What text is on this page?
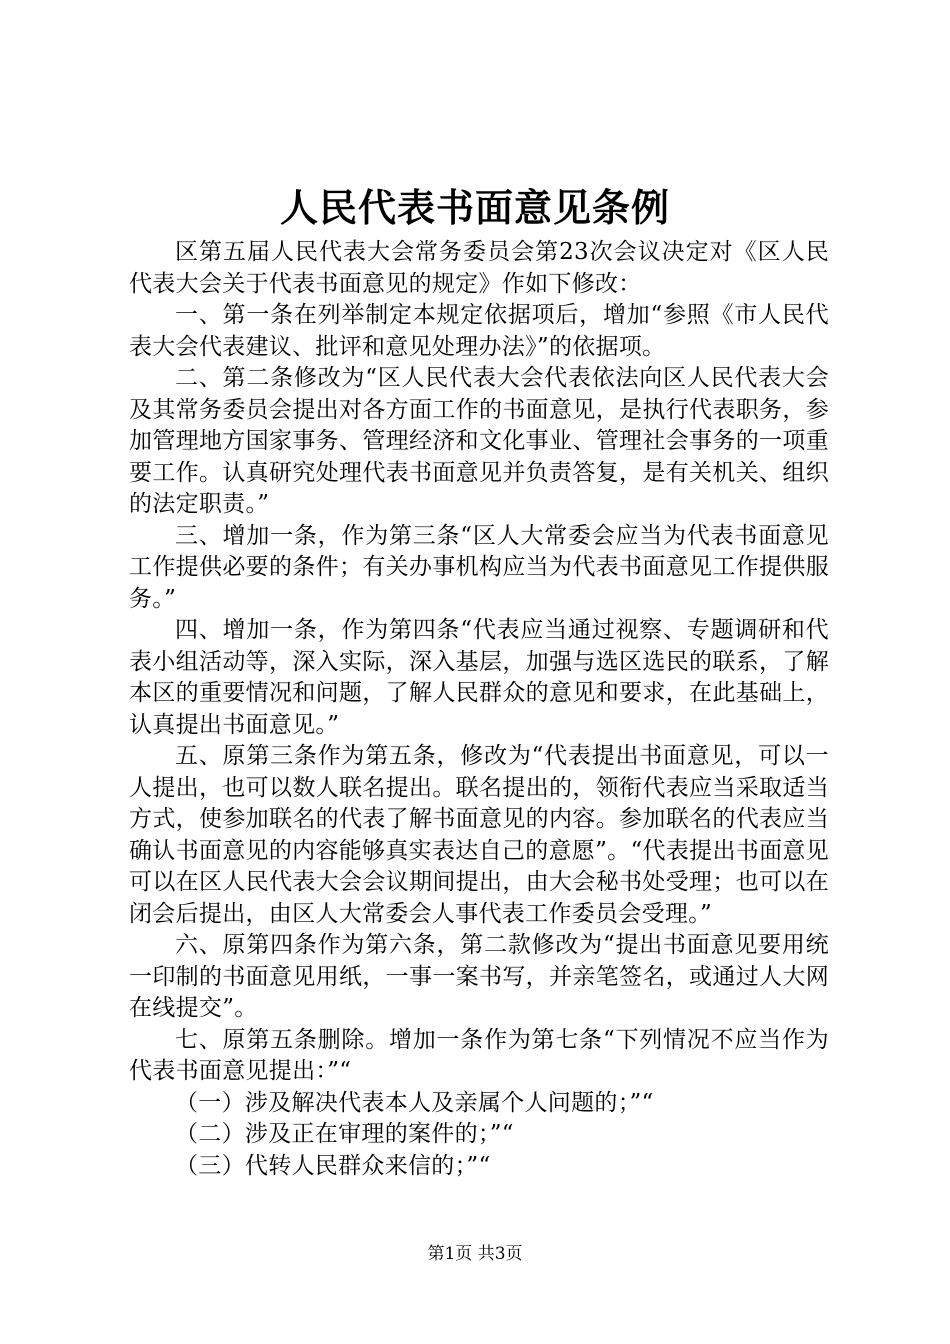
人民代表书面意见条例

区第五届人民代表大会常务委员会第23次会议决定对《区人民代表大会关于代表书面意见的规定》作如下修改：

一、第一条在列举制定本规定依据项后，增加“参照《市人民代表大会代表建议、批评和意见处理办法》”的依据项。

二、第二条修改为“区人民代表大会代表依法向区人民代表大会及其常务委员会提出对各方面工作的书面意见，是执行代表职务，参加管理地方国家事务、管理经济和文化事业、管理社会事务的一项重要工作。认真研究处理代表书面意见并负责答复，是有关机关、组织的法定职责。”

三、增加一条，作为第三条“区人大常委会应当为代表书面意见工作提供必要的条件；有关办事机构应当为代表书面意见工作提供服务。”

四、增加一条，作为第四条“代表应当通过视察、专题调研和代表小组活动等，深入实际，深入基层，加强与选区选民的联系，了解本区的重要情况和问题，了解人民群众的意见和要求，在此基础上，认真提出书面意见。”

五、原第三条作为第五条，修改为“代表提出书面意见，可以一人提出，也可以数人联名提出。联名提出的，领衔代表应当采取适当方式，使参加联名的代表了解书面意见的内容。参加联名的代表应当确认书面意见的内容能够真实表达自己的意愿”。“代表提出书面意见可以在区人民代表大会会议期间提出，由大会秘书处受理；也可以在闭会后提出，由区人大常委会人事代表工作委员会受理。”

六、原第四条作为第六条，第二款修改为“提出书面意见要用统一印制的书面意见用纸，一事一案书写，并亲笔签名，或通过人大网在线提交”。

七、原第五条删除。增加一条作为第七条“下列情况不应当作为代表书面意见提出：”“

（一）涉及解决代表本人及亲属个人问题的；”“

（二）涉及正在审理的案件的；”“

（三）代转人民群众来信的；”“

第1页 共3页
